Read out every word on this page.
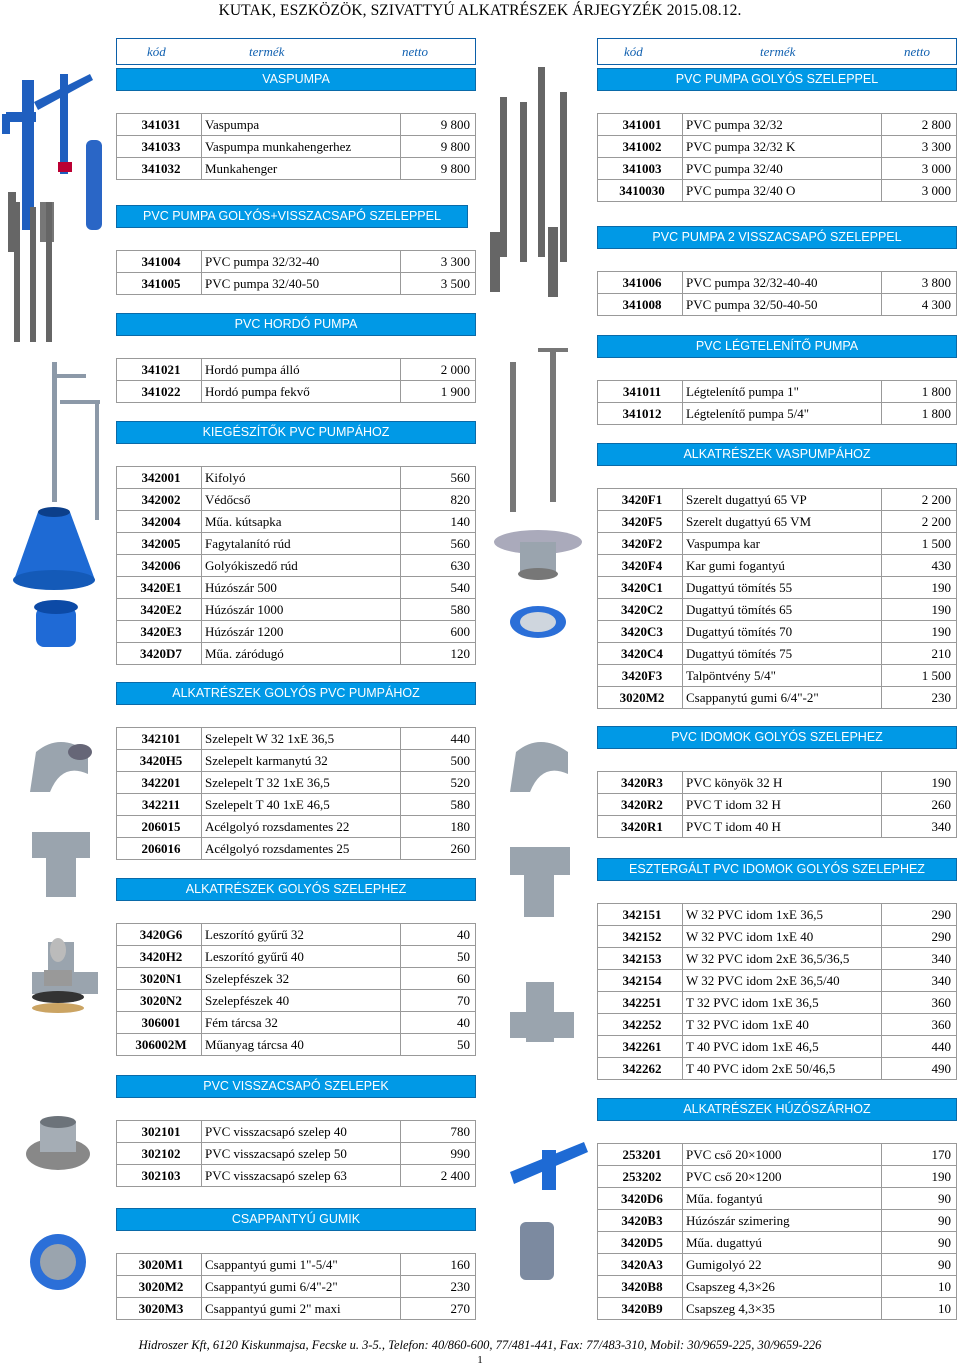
KUTAK, ESZKÖZÖK, SZIVATTYÚ ALKATRÉSZEK ÁRJEGYZÉK 2015.08.12.
kód	termék	netto
VASPUMPA
341031	Vaspumpa	9 800
341033	Vaspumpa munkahengerhez	9 800
341032	Munkahenger	9 800
PVC PUMPA GOLYÓS+VISSZACSAPÓ SZELEPPEL
341004	PVC pumpa 32/32-40	3 300
341005	PVC pumpa 32/40-50	3 500
PVC HORDÓ PUMPA
341021	Hordó pumpa álló	2 000
341022	Hordó pumpa fekvő	1 900
KIEGÉSZÍTŐK PVC PUMPÁHOZ
342001	Kifolyó	560
342002	Védőcső	820
342004	Műa. kútsapka	140
342005	Fagytalanító rúd	560
342006	Golyókiszedő rúd	630
3420E1	Húzószár 500	540
3420E2	Húzószár 1000	580
3420E3	Húzószár 1200	600
3420D7	Műa. záródugó	120
ALKATRÉSZEK GOLYÓS PVC PUMPÁHOZ
342101	Szelepelt W 32 1xE 36,5	440
3420H5	Szelepelt karmanytú 32	500
342201	Szelepelt T 32 1xE 36,5	520
342211	Szelepelt T 40 1xE 46,5	580
206015	Acélgolyó rozsdamentes 22	180
206016	Acélgolyó rozsdamentes 25	260
ALKATRÉSZEK GOLYÓS SZELEPHEZ
3420G6	Leszorító gyűrű 32	40
3420H2	Leszorító gyűrű 40	50
3020N1	Szelepfészek 32	60
3020N2	Szelepfészek 40	70
306001	Fém tárcsa 32	40
306002M	Műanyag tárcsa 40	50
PVC VISSZACSAPÓ SZELEPEK
302101	PVC visszacsapó szelep 40	780
302102	PVC visszacsapó szelep 50	990
302103	PVC visszacsapó szelep 63	2 400
CSAPPANTYÚ GUMIK
3020M1	Csappantyú gumi 1"-5/4"	160
3020M2	Csappantyú gumi 6/4"-2"	230
3020M3	Csappantyú gumi 2" maxi	270
kód	termék	netto
PVC PUMPA GOLYÓS SZELEPPEL
341001	PVC pumpa 32/32	2 800
341002	PVC pumpa 32/32 K	3 300
341003	PVC pumpa 32/40	3 000
3410030	PVC pumpa 32/40 O	3 000
PVC PUMPA 2 VISSZACSAPÓ SZELEPPEL
341006	PVC pumpa 32/32-40-40	3 800
341008	PVC pumpa 32/50-40-50	4 300
PVC LÉGTELENÍTŐ PUMPA
341011	Légtelenítő pumpa 1"	1 800
341012	Légtelenítő pumpa 5/4"	1 800
ALKATRÉSZEK VASPUMPÁHOZ
3420F1	Szerelt dugattyú 65 VP	2 200
3420F5	Szerelt dugattyú 65 VM	2 200
3420F2	Vaspumpa kar	1 500
3420F4	Kar gumi fogantyú	430
3420C1	Dugattyú tömítés 55	190
3420C2	Dugattyú tömítés 65	190
3420C3	Dugattyú tömítés 70	190
3420C4	Dugattyú tömítés 75	210
3420F3	Talpöntvény 5/4"	1 500
3020M2	Csappanytú gumi 6/4"-2"	230
PVC IDOMOK GOLYÓS SZELEPHEZ
3420R3	PVC könyök 32 H	190
3420R2	PVC T idom 32 H	260
3420R1	PVC T idom 40 H	340
ESZTERGÁLT PVC IDOMOK GOLYÓS SZELEPHEZ
342151	W 32 PVC idom 1xE 36,5	290
342152	W 32 PVC idom 1xE 40	290
342153	W 32 PVC idom 2xE 36,5/36,5	340
342154	W 32 PVC idom 2xE 36,5/40	340
342251	T 32 PVC idom 1xE 36,5	360
342252	T 32 PVC idom 1xE 40	360
342261	T 40 PVC idom 1xE 46,5	440
342262	T 40 PVC idom 2xE 50/46,5	490
ALKATRÉSZEK HÚZÓSZÁRHOZ
253201	PVC cső 20×1000	170
253202	PVC cső 20×1200	190
3420D6	Műa. fogantyú	90
3420B3	Húzószár szimering	90
3420D5	Műa. dugattyú	90
3420A3	Gumigolyó 22	90
3420B8	Csapszeg 4,3×26	10
3420B9	Csapszeg 4,3×35	10
Hidroszer Kft, 6120 Kiskunmajsa, Fecske u. 3-5., Telefon: 40/860-600, 77/481-441, Fax: 77/483-310, Mobil: 30/9659-225, 30/9659-226
1
